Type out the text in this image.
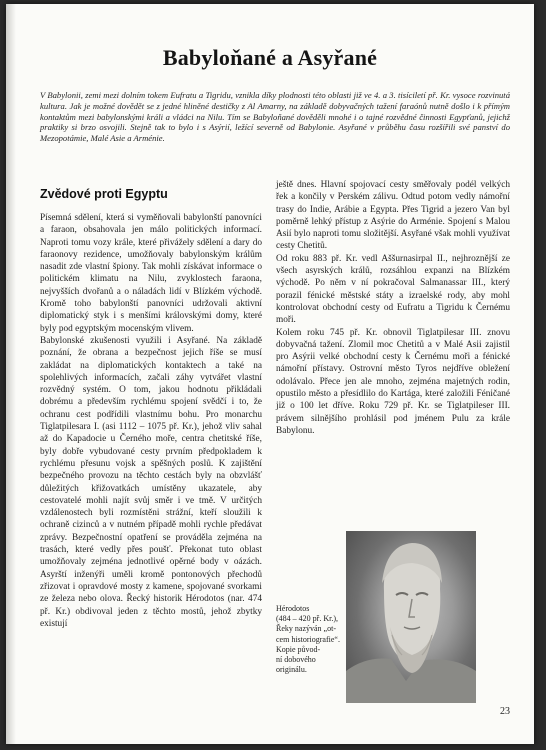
Babyloňané a Asyřané

V Babylonii, zemi mezi dolním tokem Eufratu a Tigridu, vznikla díky plodnosti této oblasti již ve 4. a 3. tisíciletí př. Kr. vysoce rozvinutá kultura. Jak je možné dovědět se z jedné hliněné destičky z Al Amarny, na základě dobyvačných tažení faraónů nutně došlo i k přímým kontaktům mezi babylonskými králi a vládci na Nilu. Tím se Babyloňané dověděli mnohé i o tajné rozvědné činnosti Egypťanů, jejichž praktiky si brzo osvojili. Stejně tak to bylo i s Asýrií, ležící severně od Babylonie. Asyřané v průběhu času rozšířili své panství do Mezopotámie, Malé Asie a Arménie.

Zvědové proti Egyptu

Písemná sdělení, která si vyměňovali babylonští panovníci a faraon, obsahovala jen málo politických informací. Naproti tomu vozy krále, které přivážely sdělení a dary do faraonovy rezidence, umožňovaly babylonským králům nasadit zde vlastní špiony. Tak mohli získávat informace o politickém klimatu na Nilu, zvyklostech faraona, nejvyšších dvořanů a o náladách lidí v Blízkém východě. Kromě toho babylonští panovníci udržovali aktivní diplomatický styk i s menšími královskými domy, které byly pod egyptským mocenským vlivem.

Babylonské zkušenosti využili i Asyřané. Na základě poznání, že obrana a bezpečnost jejich říše se musí zakládat na diplomatických kontaktech a také na spolehlivých informacích, začali záhy vytvářet vlastní rozvědný systém. O tom, jakou hodnotu přikládali dobrému a především rychlému spojení svědčí i to, že ochranu cest podřídili vlastnímu bohu. Pro monarchu Tiglatpilesara I. (asi 1112 – 1075 př. Kr.), jehož vliv sahal až do Kapadocie u Černého moře, centra chetitské říše, byly dobře vybudované cesty prvním předpokladem k rychlému přesunu vojsk a spěšných poslů. K zajištění bezpečného provozu na těchto cestách byly na obzvlášť důležitých křižovatkách umístěny ukazatele, aby cestovatelé mohli najít svůj směr i ve tmě. V určitých vzdálenostech byli rozmístěni strážní, kteří sloužili k ochraně cizinců a v nutném případě mohli rychle předávat zprávy. Bezpečnostní opatření se prováděla zejména na trasách, které vedly přes poušť. Překonat tuto oblast umožňovaly zejména jednotlivé opěrné body v oázách. Asyrští inženýři uměli kromě pontonových přechodů zřizovat i opravdové mosty z kamene, spojované svorkami ze železa nebo olova. Řecký historik Hérodotos (nar. 474 př. Kr.) obdivoval jeden z těchto mostů, jehož zbytky existují

ještě dnes. Hlavní spojovací cesty směřovaly podél velkých řek a končily v Perském zálivu. Odtud potom vedly námořní trasy do Indie, Arábie a Egypta. Přes Tigrid a jezero Van byl poměrně lehký přístup z Asýrie do Arménie. Spojení s Malou Asií bylo naproti tomu složitější. Asyřané však mohli využívat cesty Chetitů.

Od roku 883 př. Kr. vedl Aššurnasirpal II., nejhroznější ze všech asyrských králů, rozsáhlou expanzi na Blízkém východě. Po něm v ní pokračoval Salmanassar III., který porazil fénické městské státy a izraelské rody, aby mohl kontrolovat obchodní cesty od Eufratu a Tigridu k Černému moři.

Kolem roku 745 př. Kr. obnovil Tiglatpilesar III. znovu dobyvačná tažení. Zlomil moc Chetitů a v Malé Asii zajistil pro Asýrii velké obchodní cesty k Černému moři a fénické námořní přístavy. Ostrovní město Tyros nejdříve obležení odolávalo. Přece jen ale mnoho, zejména majetných rodin, opustilo město a přesídlilo do Kartága, které založili Féničané již o 100 let dříve. Roku 729 př. Kr. se Tiglatpileser III. právem silnějšího prohlásil pod jménem Pulu za krále Babylonu.

Hérodotos
(484 – 420 př. Kr.),
Řeky nazýván „ot-
cem historiografie“.
Kopie původ-
ní dobového
originálu.
23
